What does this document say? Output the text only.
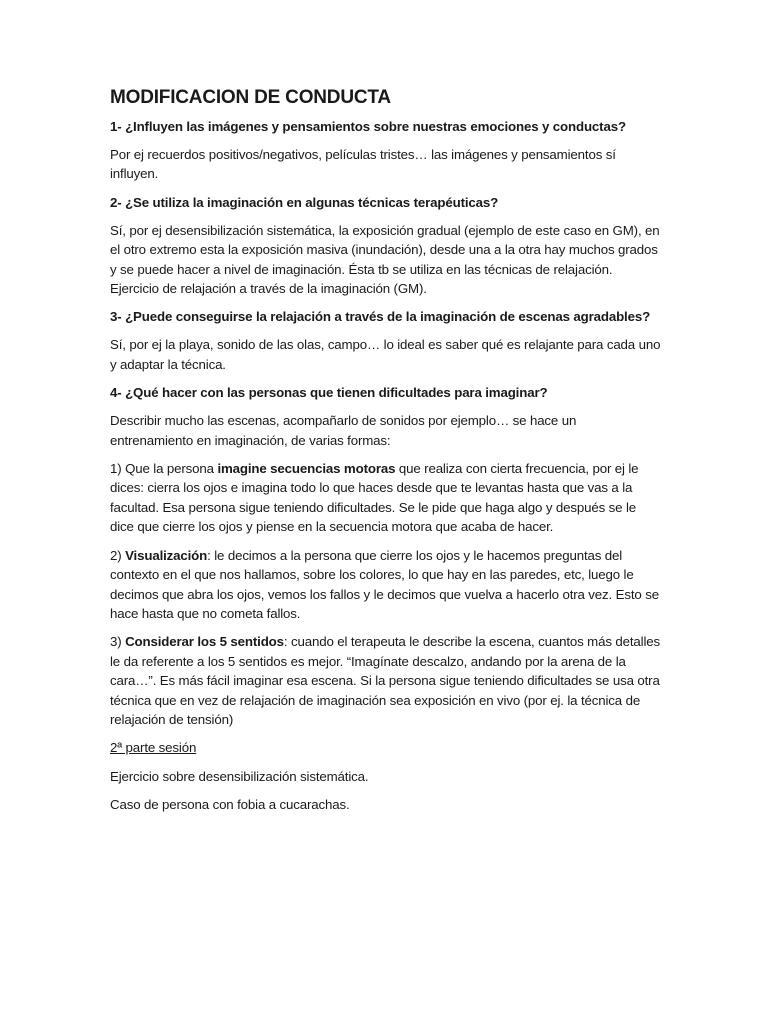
MODIFICACION DE CONDUCTA
1- ¿Influyen las imágenes y pensamientos sobre nuestras emociones y conductas?
Por ej recuerdos positivos/negativos, películas tristes… las imágenes y pensamientos sí influyen.
2- ¿Se utiliza la imaginación en algunas técnicas terapéuticas?
Sí, por ej desensibilización sistemática, la exposición gradual (ejemplo de este caso en GM), en el otro extremo esta la exposición masiva (inundación), desde una a la otra hay muchos grados y se puede hacer a nivel de imaginación. Ésta tb se utiliza en las técnicas de relajación. Ejercicio de relajación a través de la imaginación (GM).
3- ¿Puede conseguirse la relajación a través de la imaginación de escenas agradables?
Sí, por ej la playa, sonido de las olas, campo… lo ideal es saber qué es relajante para cada uno y adaptar la técnica.
4- ¿Qué hacer con las personas que tienen dificultades para imaginar?
Describir mucho las escenas, acompañarlo de sonidos por ejemplo… se hace un entrenamiento en imaginación, de varias formas:
1) Que la persona imagine secuencias motoras que realiza con cierta frecuencia, por ej le dices: cierra los ojos e imagina todo lo que haces desde que te levantas hasta que vas a la facultad. Esa persona sigue teniendo dificultades. Se le pide que haga algo y después se le dice que cierre los ojos y piense en la secuencia motora que acaba de hacer.
2) Visualización: le decimos a la persona que cierre los ojos y le hacemos preguntas del contexto en el que nos hallamos, sobre los colores, lo que hay en las paredes, etc, luego le decimos que abra los ojos, vemos los fallos y le decimos que vuelva a hacerlo otra vez. Esto se hace hasta que no cometa fallos.
3) Considerar los 5 sentidos: cuando el terapeuta le describe la escena, cuantos más detalles le da referente a los 5 sentidos es mejor. “Imagínate descalzo, andando por la arena de la cara…”. Es más fácil imaginar esa escena. Si la persona sigue teniendo dificultades se usa otra técnica que en vez de relajación de imaginación sea exposición en vivo (por ej. la técnica de relajación de tensión)
2ª parte sesión
Ejercicio sobre desensibilización sistemática.
Caso de persona con fobia a cucarachas.
